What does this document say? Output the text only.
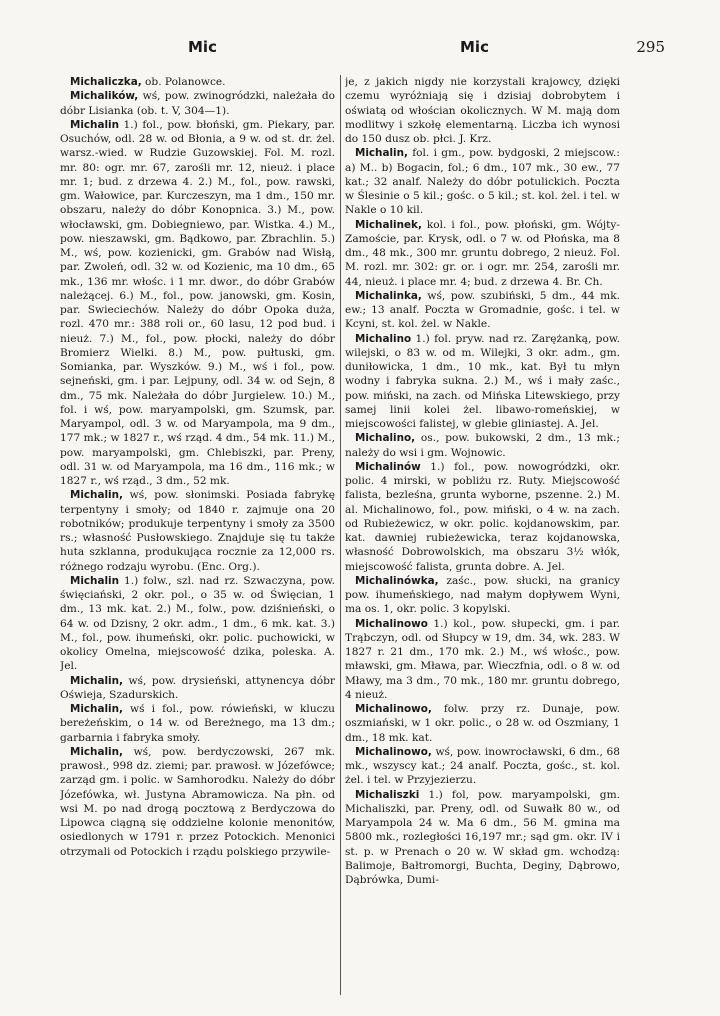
Mic	Mic	295

Michaliczka, ob. Polanowce.

Michalików, wś, pow. zwinogródzki, należała do dóbr Lisianka (ob. t. V, 304—1).

Michalin 1.) fol., pow. błoński, gm. Piekary, par. Osuchów, odl. 28 w. od Błonia, a 9 w. od st. dr. żel. warsz.-wied. w Rudzie Guzowskiej. Fol. M. rozl. mr. 80: ogr. mr. 67, zarośli mr. 12, nieuż. i place mr. 1; bud. z drzewa 4. 2.) M., fol., pow. rawski, gm. Wałowice, par. Kurczeszyn, ma 1 dm., 150 mr. obszaru, należy do dóbr Konopnica. 3.) M., pow. włocławski, gm. Dobiegniewo, par. Wistka. 4.) M., pow. nieszawski, gm. Bądkowo, par. Zbrachlin. 5.) M., wś, pow. kozienicki, gm. Grabów nad Wisłą, par. Zwoleń, odl. 32 w. od Kozienic, ma 10 dm., 65 mk., 136 mr. włośc. i 1 mr. dwor., do dóbr Grabów należącej. 6.) M., fol., pow. janowski, gm. Kosin, par. Swieciechów. Należy do dóbr Opoka duża, rozl. 470 mr.: 388 roli or., 60 lasu, 12 pod bud. i nieuż. 7.) M., fol., pow. płocki, należy do dóbr Bromierz Wielki. 8.) M., pow. pułtuski, gm. Somianka, par. Wyszków. 9.) M., wś i fol., pow. sejneński, gm. i par. Lejpuny, odl. 34 w. od Sejn, 8 dm., 75 mk. Należała do dóbr Jurgielew. 10.) M., fol. i wś, pow. maryampolski, gm. Szumsk, par. Maryampol, odl. 3 w. od Maryampola, ma 9 dm., 177 mk.; w 1827 r., wś rząd. 4 dm., 54 mk. 11.) M., pow. maryampolski, gm. Chlebiszki, par. Preny, odl. 31 w. od Maryampola, ma 16 dm., 116 mk.; w 1827 r., wś rząd., 3 dm., 52 mk.

Michalin, wś, pow. słonimski. Posiada fabrykę terpentyny i smoły; od 1840 r. zajmuje ona 20 robotników; produkuje terpentyny i smoły za 3500 rs.; własność Pusłowskiego. Znajduje się tu także huta szklanna, produkująca rocznie za 12,000 rs. różnego rodzaju wyrobu. (Enc. Org.).

Michalin 1.) folw., szl. nad rz. Szwaczyna, pow. święciański, 2 okr. pol., o 35 w. od Święcian, 1 dm., 13 mk. kat. 2.) M., folw., pow. dziśnieński, o 64 w. od Dzisny, 2 okr. adm., 1 dm., 6 mk. kat. 3.) M., fol., pow. ihumeński, okr. polic. puchowicki, w okolicy Omelna, miejscowość dzika, poleska. A. Jel.

Michalin, wś, pow. drysieński, attynencya dóbr Oświeja, Szadurskich.

Michalin, wś i fol., pow. rówieński, w kluczu bereżeńskim, o 14 w. od Bereżnego, ma 13 dm.; garbarnia i fabryka smoły.

Michalin, wś, pow. berdyczowski, 267 mk. prawosł., 998 dz. ziemi; par. prawosł. w Józefówce; zarząd gm. i polic. w Samhorodku. Należy do dóbr Józefówka, wł. Justyna Abramowicza. Na płn. od wsi M. po nad drogą pocztową z Berdyczowa do Lipowca ciągną się oddzielne kolonie menonitów, osiedlonych w 1791 r. przez Potockich. Menonici otrzymali od Potockich i rządu polskiego przywile-

je, z jakich nigdy nie korzystali krajowcy, dzięki czemu wyróżniają się i dzisiaj dobrobytem i oświatą od włościan okolicznych. W M. mają dom modlitwy i szkołę elementarną. Liczba ich wynosi do 150 dusz ob. płci. J. Krz.

Michalin, fol. i gm., pow. bydgoski, 2 miejscow.: a) M.. b) Bogacin, fol.; 6 dm., 107 mk., 30 ew., 77 kat.; 32 analf. Należy do dóbr potulickich. Poczta w Ślesinie o 5 kil.; gośc. o 5 kil.; st. kol. żel. i tel. w Nakle o 10 kil.

Michalinek, kol. i fol., pow. płoński, gm. Wójty-Zamoście, par. Krysk, odl. o 7 w. od Płońska, ma 8 dm., 48 mk., 300 mr. gruntu dobrego, 2 nieuż. Fol. M. rozl. mr. 302: gr. or. i ogr. mr. 254, zarośli mr. 44, nieuż. i place mr. 4; bud. z drzewa 4. Br. Ch.

Michalinka, wś, pow. szubiński, 5 dm., 44 mk. ew.; 13 analf. Poczta w Gromadnie, gośc. i tel. w Kcyni, st. kol. żel. w Nakle.

Michalino 1.) fol. pryw. nad rz. Zarężanką, pow. wilejski, o 83 w. od m. Wilejki, 3 okr. adm., gm. duniłowicka, 1 dm., 10 mk., kat. Był tu młyn wodny i fabryka sukna. 2.) M., wś i mały zaśc., pow. miński, na zach. od Mińska Litewskiego, przy samej linii kolei żel. libawo-romeńskiej, w miejscowości falistej, w glebie gliniastej. A. Jel.

Michalino, os., pow. bukowski, 2 dm., 13 mk.; należy do wsi i gm. Wojnowic.

Michalinów 1.) fol., pow. nowogródzki, okr. polic. 4 mirski, w pobliżu rz. Ruty. Miejscowość falista, bezleśna, grunta wyborne, pszenne. 2.) M. al. Michalinowo, fol., pow. miński, o 4 w. na zach. od Rubieżewicz, w okr. polic. kojdanowskim, par. kat. dawniej rubieżewicka, teraz kojdanowska, własność Dobrowolskich, ma obszaru 3½ włók, miejscowość falista, grunta dobre. A. Jel.

Michalinówka, zaśc., pow. słucki, na granicy pow. ihumeńskiego, nad małym dopływem Wyni, ma os. 1, okr. polic. 3 kopylski.

Michalinowo 1.) kol., pow. słupecki, gm. i par. Trąbczyn, odl. od Słupcy w 19, dm. 34, wk. 283. W 1827 r. 21 dm., 170 mk. 2.) M., wś włośc., pow. mławski, gm. Mława, par. Wieczfnia, odl. o 8 w. od Mławy, ma 3 dm., 70 mk., 180 mr. gruntu dobrego, 4 nieuż.

Michalinowo, folw. przy rz. Dunaje, pow. oszmiański, w 1 okr. polic., o 28 w. od Oszmiany, 1 dm., 18 mk. kat.

Michalinowo, wś, pow. inowrocławski, 6 dm., 68 mk., wszyscy kat.; 24 analf. Poczta, gośc., st. kol. żel. i tel. w Przyjezierzu.

Michaliszki 1.) fol, pow. maryampolski, gm. Michaliszki, par. Preny, odl. od Suwałk 80 w., od Maryampola 24 w. Ma 6 dm., 56 M. gmina ma 5800 mk., rozległości 16,197 mr.; sąd gm. okr. IV i st. p. w Prenach o 20 w. W skład gm. wchodzą: Balimoje, Bałtromorgi, Buchta, Deginy, Dąbrowo, Dąbrówka, Dumi-
